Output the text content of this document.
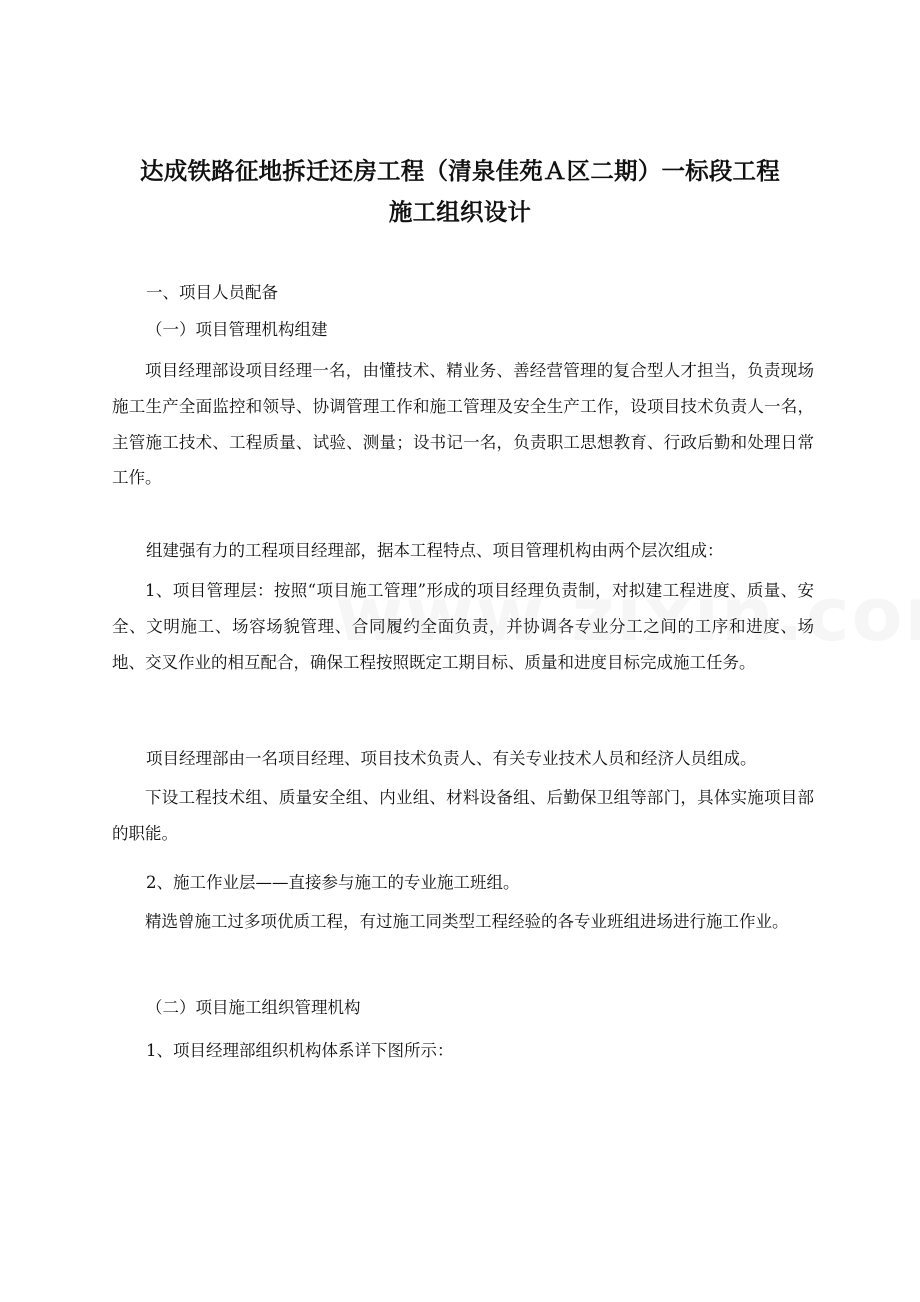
达成铁路征地拆迁还房工程（清泉佳苑Ａ区二期）一标段工程
施工组织设计
一、项目人员配备
（一）项目管理机构组建
项目经理部设项目经理一名，由懂技术、精业务、善经营管理的复合型人才担当，负责现场施工生产全面监控和领导、协调管理工作和施工管理及安全生产工作，设项目技术负责人一名，主管施工技术、工程质量、试验、测量；设书记一名，负责职工思想教育、行政后勤和处理日常工作。
组建强有力的工程项目经理部，据本工程特点、项目管理机构由两个层次组成：
1、项目管理层：按照“项目施工管理”形成的项目经理负责制，对拟建工程进度、质量、安全、文明施工、场容场貌管理、合同履约全面负责，并协调各专业分工之间的工序和进度、场地、交叉作业的相互配合，确保工程按照既定工期目标、质量和进度目标完成施工任务。
项目经理部由一名项目经理、项目技术负责人、有关专业技术人员和经济人员组成。
下设工程技术组、质量安全组、内业组、材料设备组、后勤保卫组等部门，具体实施项目部的职能。
2、施工作业层——直接参与施工的专业施工班组。
精选曾施工过多项优质工程，有过施工同类型工程经验的各专业班组进场进行施工作业。
（二）项目施工组织管理机构
1、项目经理部组织机构体系详下图所示：
